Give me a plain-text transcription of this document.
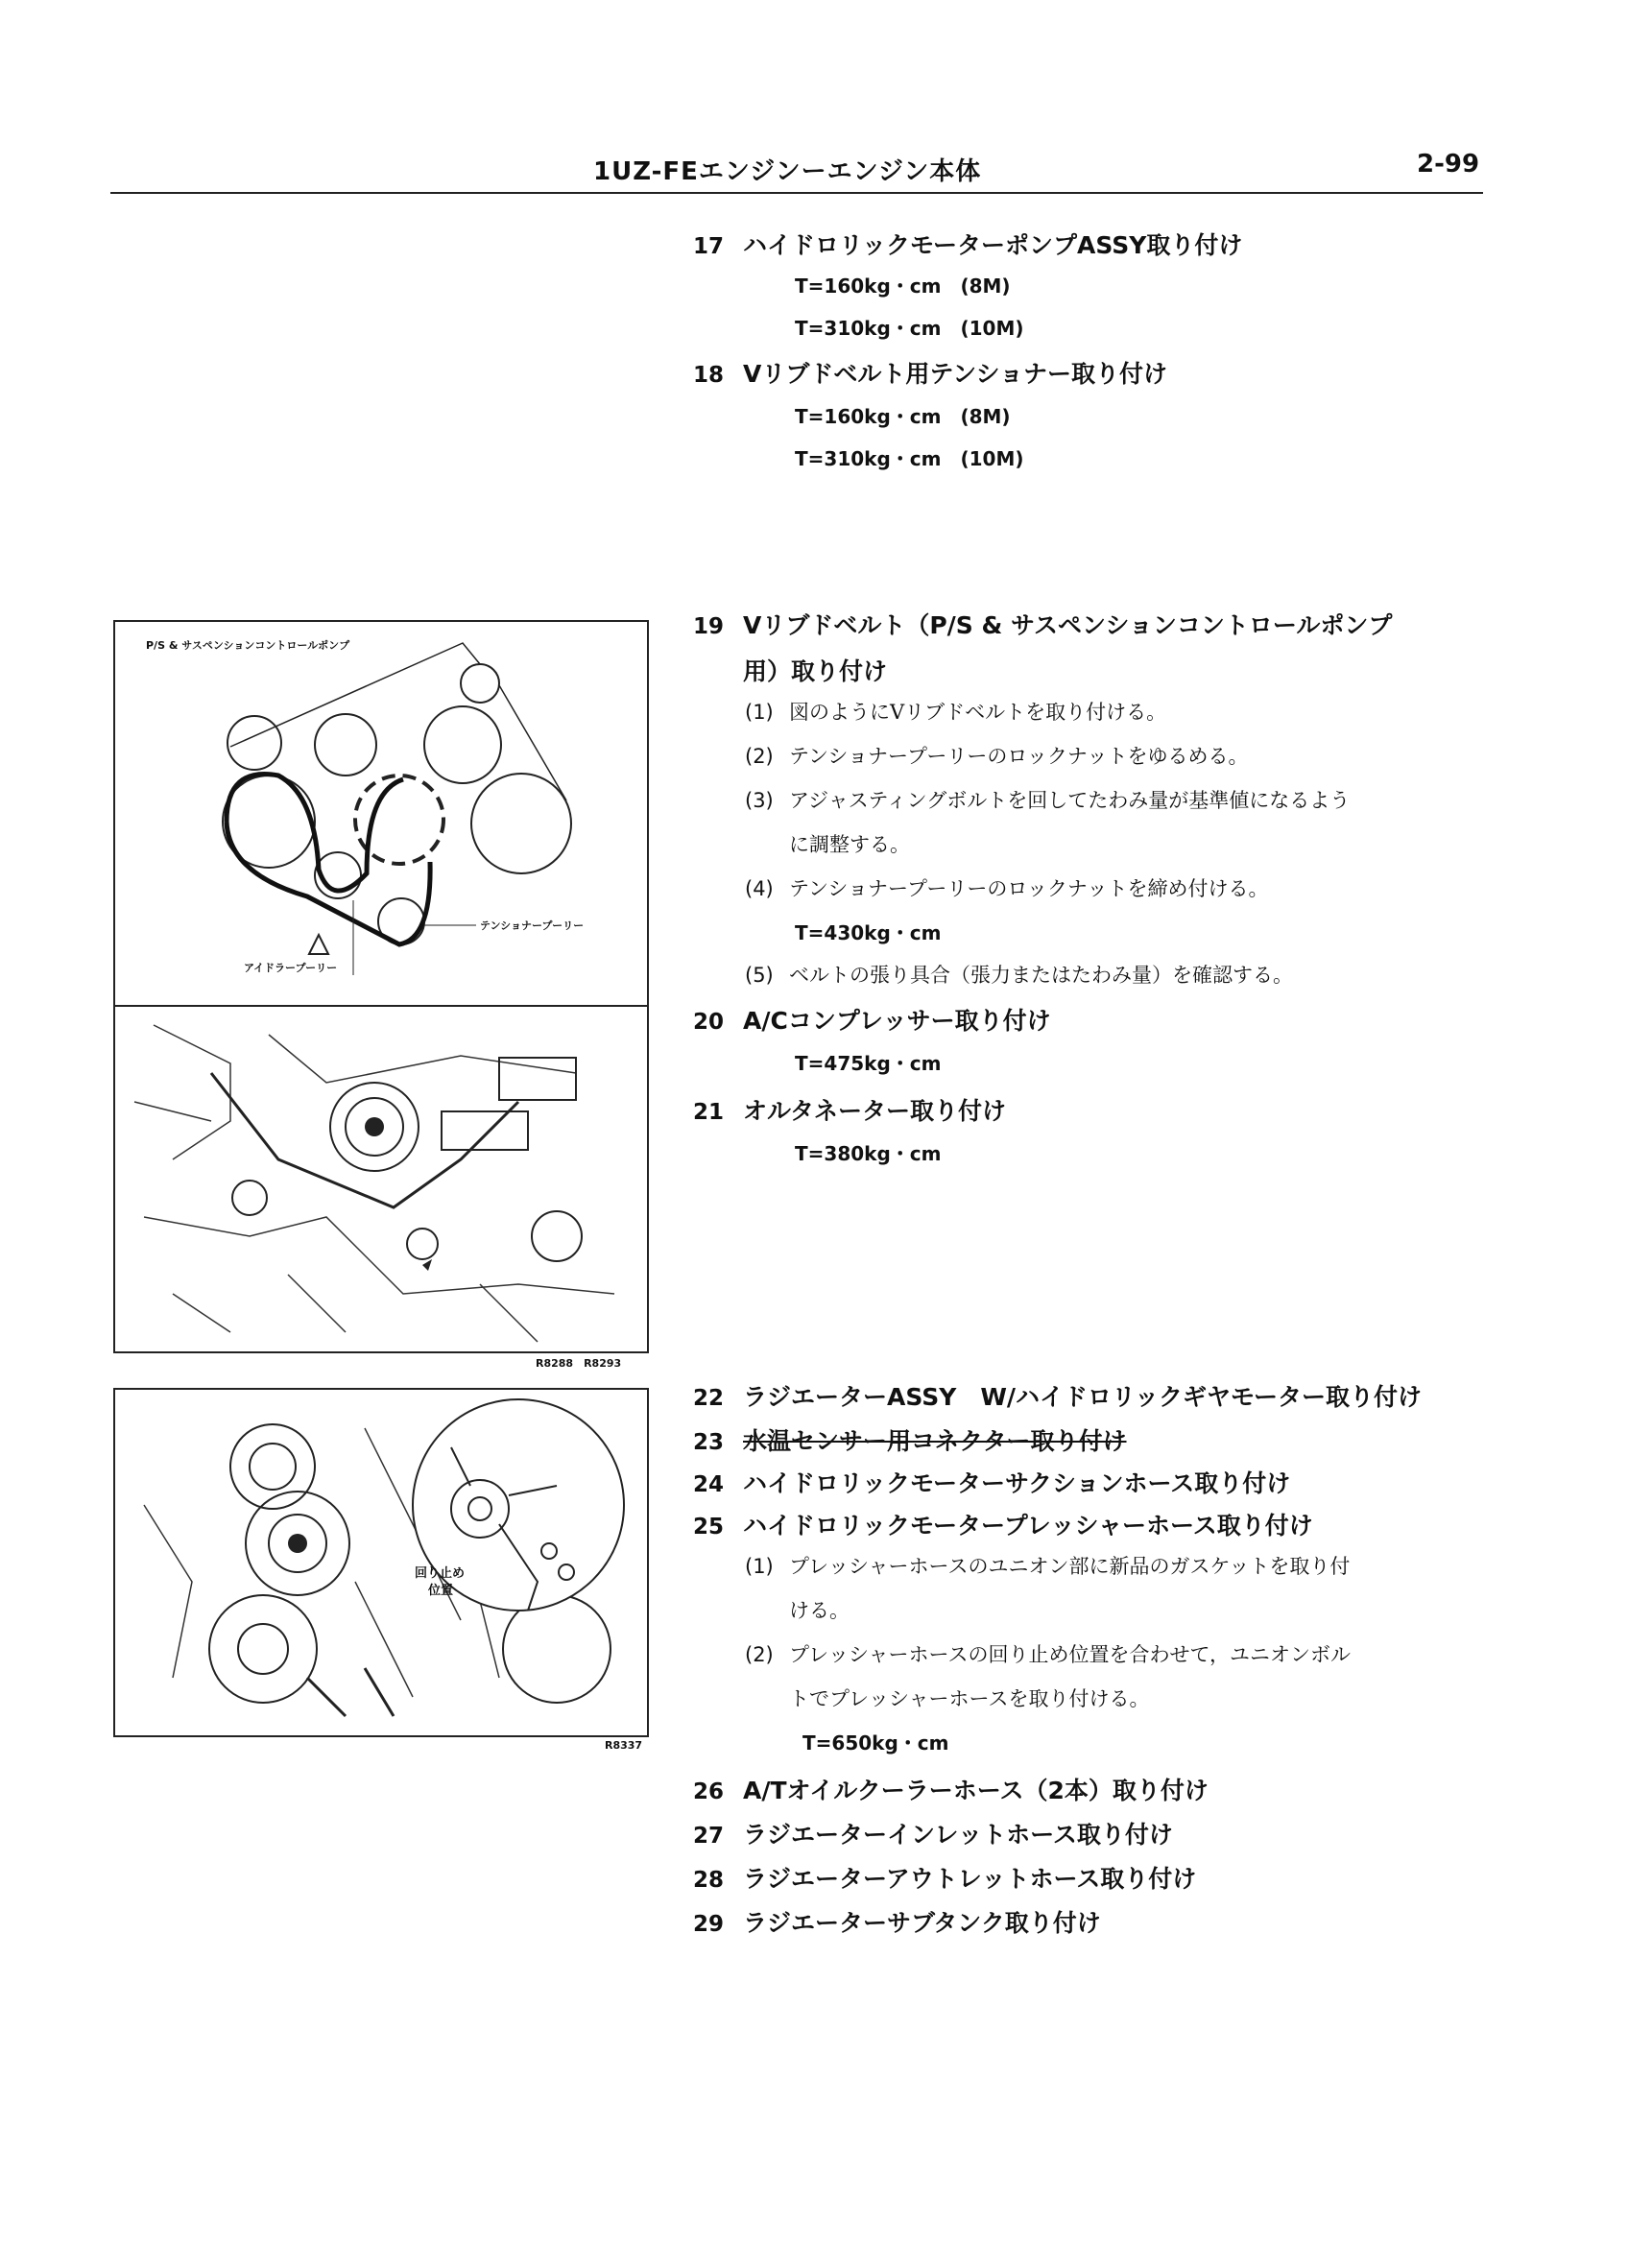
1UZ-FEエンジンーエンジン本体	2-99
17 ハイドロリックモーターポンプASSY取り付け
T=160kg・cm (8M)
T=310kg・cm (10M)
18 Vリブドベルト用テンショナー取り付け
T=160kg・cm (8M)
T=310kg・cm (10M)
19 Vリブドベルト（P/S & サスペンションコントロールポンプ
用）取り付け
(1) 図のようにVリブドベルトを取り付ける。
(2) テンショナープーリーのロックナットをゆるめる。
(3) アジャスティングボルトを回してたわみ量が基準値になるよう
に調整する。
(4) テンショナープーリーのロックナットを締め付ける。
T=430kg・cm
(5) ベルトの張り具合（張力またはたわみ量）を確認する。
20 A/Cコンプレッサー取り付け
T=475kg・cm
21 オルタネーター取り付け
T=380kg・cm
22 ラジエーターASSY　W/ハイドロリックギヤモーター取り付け
23 水温センサー用コネクター取り付け
24 ハイドロリックモーターサクションホース取り付け
25 ハイドロリックモータープレッシャーホース取り付け
(1) プレッシャーホースのユニオン部に新品のガスケットを取り付
ける。
(2) プレッシャーホースの回り止め位置を合わせて，ユニオンボル
トでプレッシャーホースを取り付ける。
T=650kg・cm
26 A/Tオイルクーラーホース（2本）取り付け
27 ラジエーターインレットホース取り付け
28 ラジエーターアウトレットホース取り付け
29 ラジエーターサブタンク取り付け
P/S & サスペンションコントロールポンプ
テンショナープーリー
アイドラープーリー
R8288　R8293
回り止め
位置
R8337
